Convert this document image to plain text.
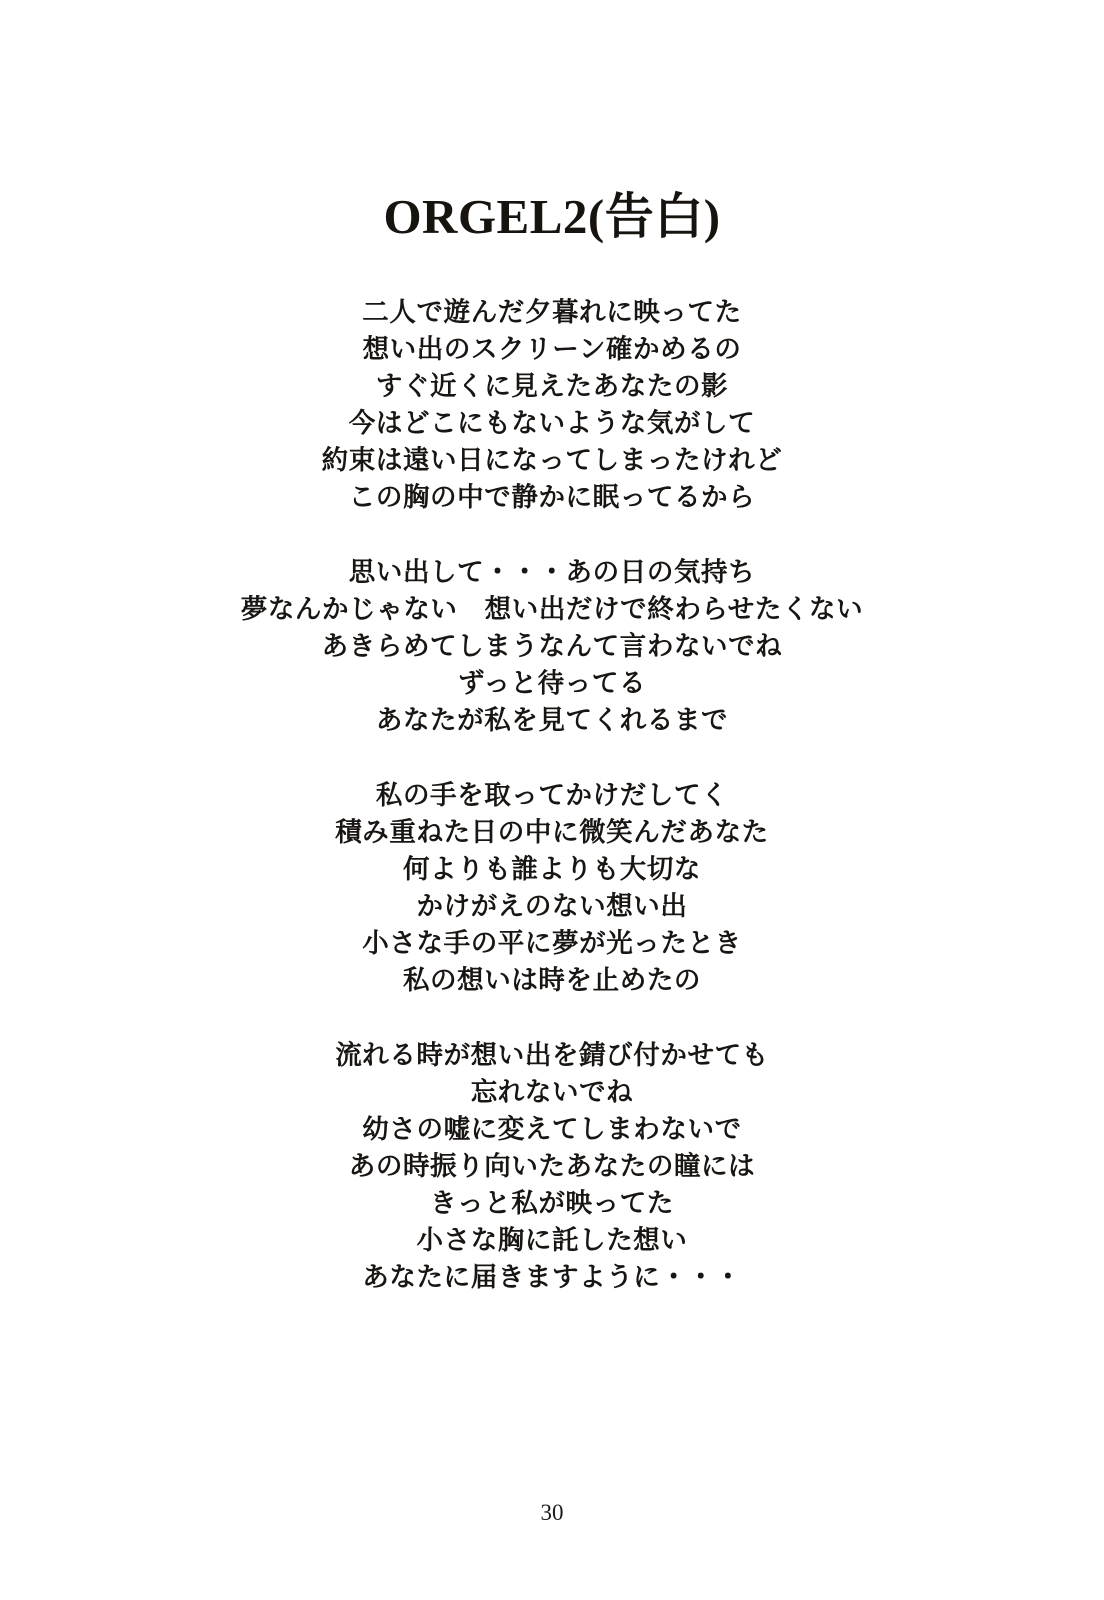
ORGEL2(告白)
二人で遊んだ夕暮れに映ってた
想い出のスクリーン確かめるの
すぐ近くに見えたあなたの影
今はどこにもないような気がして
約束は遠い日になってしまったけれど
この胸の中で静かに眠ってるから
思い出して・・・あの日の気持ち
夢なんかじゃない　想い出だけで終わらせたくない
あきらめてしまうなんて言わないでね
ずっと待ってる
あなたが私を見てくれるまで
私の手を取ってかけだしてく
積み重ねた日の中に微笑んだあなた
何よりも誰よりも大切な
かけがえのない想い出
小さな手の平に夢が光ったとき
私の想いは時を止めたの
流れる時が想い出を錆び付かせても
忘れないでね
幼さの嘘に変えてしまわないで
あの時振り向いたあなたの瞳には
きっと私が映ってた
小さな胸に託した想い
あなたに届きますように・・・
30
